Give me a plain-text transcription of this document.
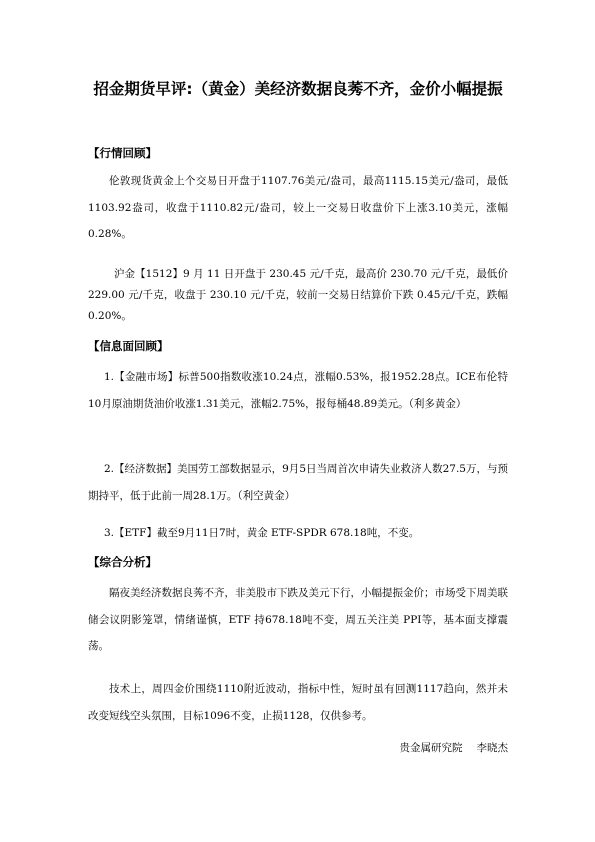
招金期货早评:（黄金）美经济数据良莠不齐，金价小幅提振
【行情回顾】

伦敦现货黄金上个交易日开盘于1107.76美元/盎司，最高1115.15美元/盎司，最低1103.92盎司，收盘于1110.82元/盎司，较上一交易日收盘价下上涨3.10美元，涨幅0.28%。

沪金【1512】9 月 11 日开盘于 230.45 元/千克，最高价 230.70 元/千克，最低价 229.00 元/千克，收盘于 230.10 元/千克，较前一交易日结算价下跌 0.45元/千克，跌幅 0.20%。

【信息面回顾】

1.【金融市场】标普500指数收涨10.24点，涨幅0.53%，报1952.28点。ICE布伦特10月原油期货油价收涨1.31美元，涨幅2.75%，报每桶48.89美元。（利多黄金）

2.【经济数据】美国劳工部数据显示，9月5日当周首次申请失业救济人数27.5万，与预期持平，低于此前一周28.1万。（利空黄金）

3.【ETF】截至9月11日7时，黄金 ETF-SPDR 678.18吨，不变。

【综合分析】

隔夜美经济数据良莠不齐，非美股市下跌及美元下行，小幅提振金价；市场受下周美联储会议阴影笼罩，情绪谨慎，ETF 持678.18吨不变，周五关注美 PPI等，基本面支撑震荡。

技术上，周四金价围绕1110附近波动，指标中性，短时虽有回测1117趋向，然并未改变短线空头氛围，目标1096不变，止损1128，仅供参考。

贵金属研究院 李晓杰
